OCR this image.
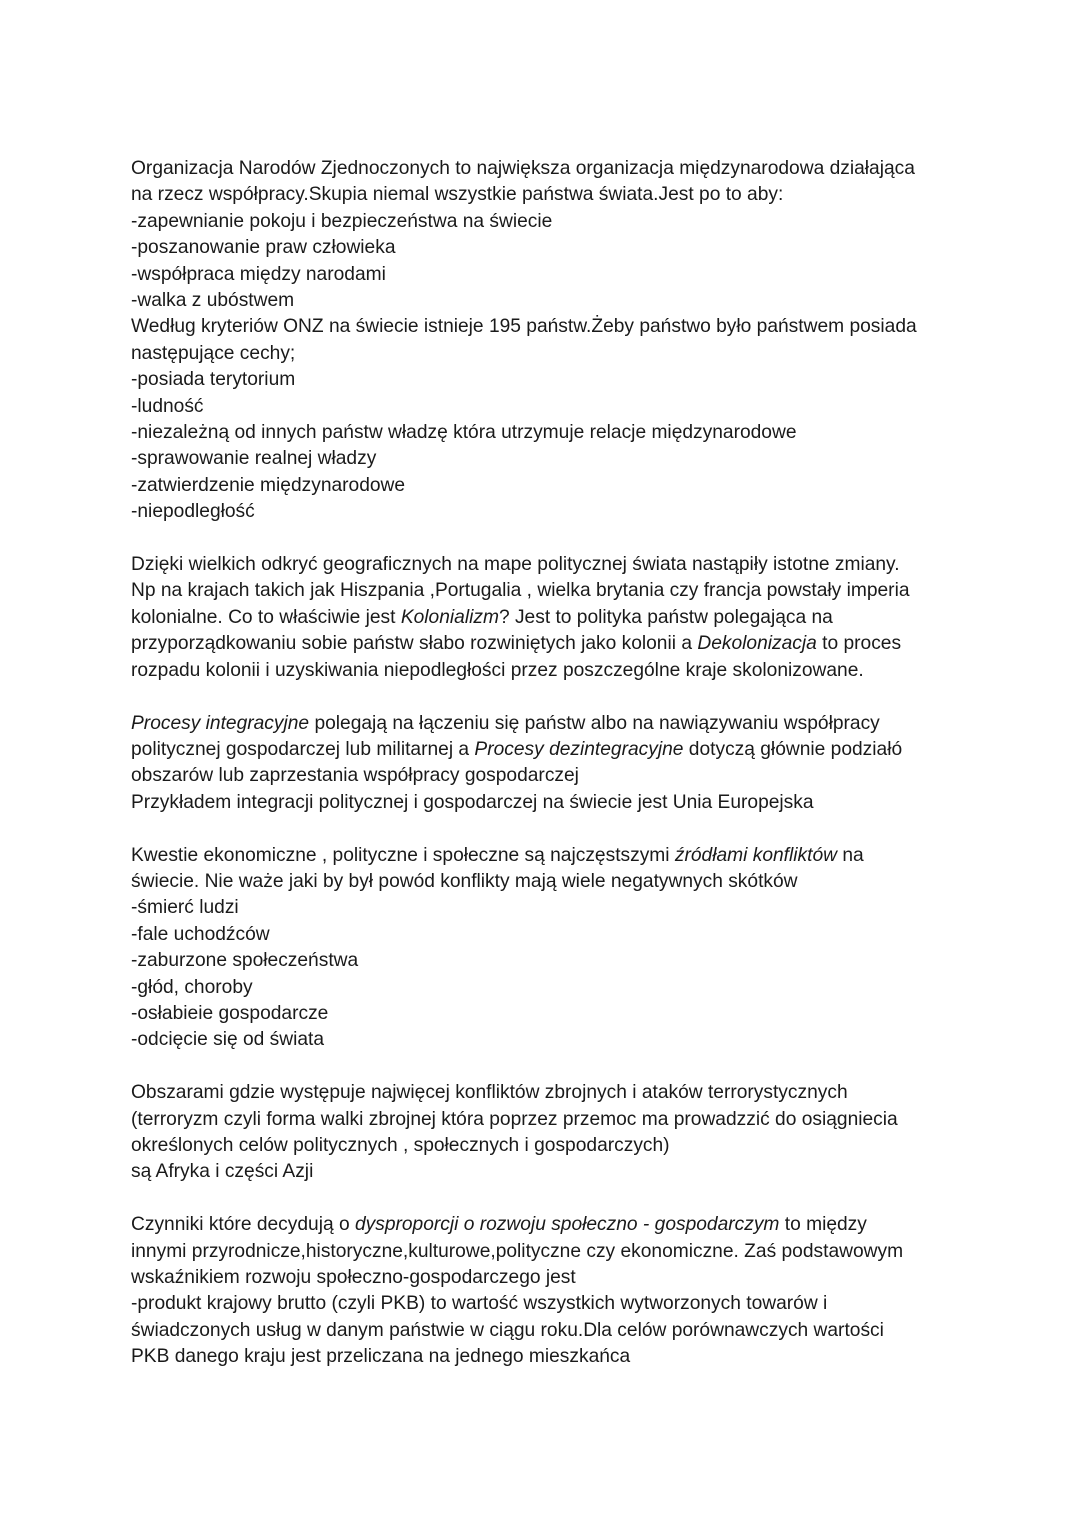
Organizacja Narodów Zjednoczonych to największa organizacja międzynarodowa działająca
na rzecz współpracy.Skupia niemal wszystkie państwa świata.Jest po to aby:
-zapewnianie pokoju i bezpieczeństwa na świecie
-poszanowanie praw człowieka
-współpraca między narodami
-walka z ubóstwem
Według kryteriów ONZ na świecie istnieje 195 państw.Żeby państwo było państwem posiada
następujące cechy;
-posiada terytorium
-ludność
-niezależną od innych państw władzę która utrzymuje relacje międzynarodowe
-sprawowanie realnej władzy
-zatwierdzenie międzynarodowe
-niepodległość
Dzięki wielkich odkryć geograficznych na mape politycznej świata nastąpiły istotne zmiany.
Np na krajach takich jak Hiszpania ,Portugalia , wielka brytania czy francja powstały imperia
kolonialne. Co to właściwie jest Kolonializm? Jest to polityka państw polegająca na
przyporządkowaniu sobie państw słabo rozwiniętych jako kolonii a Dekolonizacja to proces
rozpadu kolonii i uzyskiwania niepodległości przez poszczególne kraje skolonizowane.
Procesy integracyjne polegają na łączeniu się państw albo na nawiązywaniu współpracy
politycznej gospodarczej lub militarnej a Procesy dezintegracyjne dotyczą głównie podziałó
obszarów lub zaprzestania współpracy gospodarczej
Przykładem integracji politycznej i gospodarczej na świecie jest Unia Europejska
Kwestie ekonomiczne , polityczne i społeczne są najczęstszymi źródłami konfliktów na
świecie. Nie waże jaki by był powód konflikty mają wiele negatywnych skótków
-śmierć ludzi
-fale uchodźców
-zaburzone społeczeństwa
-głód, choroby
-osłabieie gospodarcze
-odcięcie się od świata
Obszarami gdzie występuje najwięcej konfliktów zbrojnych i ataków terrorystycznych
(terroryzm czyli forma walki zbrojnej która poprzez przemoc ma prowadzzić do osiągniecia
określonych celów politycznych , społecznych i gospodarczych)
są Afryka i części Azji
Czynniki które decydują o dysproporcji o rozwoju społeczno - gospodarczym to między
innymi przyrodnicze,historyczne,kulturowe,polityczne czy ekonomiczne. Zaś podstawowym
wskaźnikiem rozwoju społeczno-gospodarczego jest
-produkt krajowy brutto (czyli PKB) to wartość wszystkich wytworzonych towarów i
świadczonych usług w danym państwie w ciągu roku.Dla celów porównawczych wartości
PKB danego kraju jest przeliczana na jednego mieszkańca
